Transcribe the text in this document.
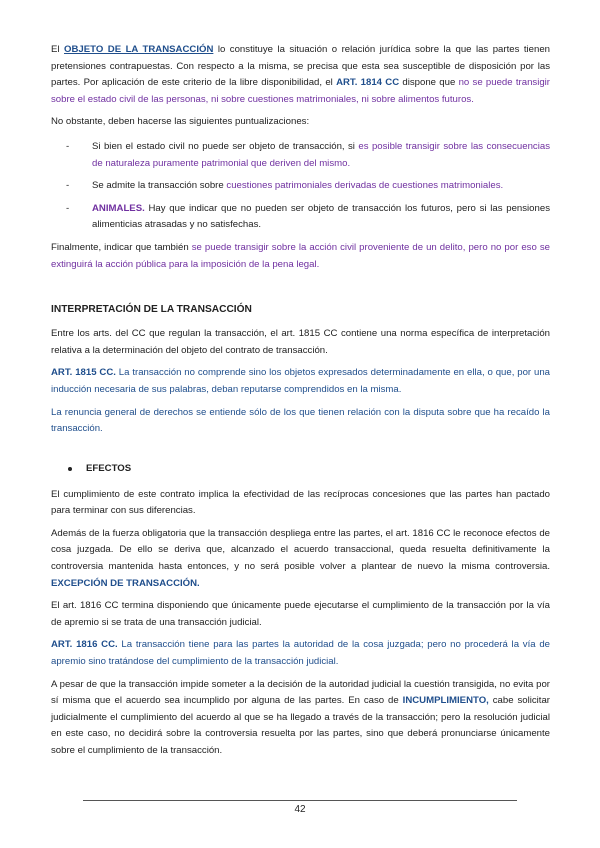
El OBJETO DE LA TRANSACCIÓN lo constituye la situación o relación jurídica sobre la que las partes tienen pretensiones contrapuestas. Con respecto a la misma, se precisa que esta sea susceptible de disposición por las partes. Por aplicación de este criterio de la libre disponibilidad, el ART. 1814 CC dispone que no se puede transigir sobre el estado civil de las personas, ni sobre cuestiones matrimoniales, ni sobre alimentos futuros.

No obstante, deben hacerse las siguientes puntualizaciones:

-	Si bien el estado civil no puede ser objeto de transacción, si es posible transigir sobre las consecuencias de naturaleza puramente patrimonial que deriven del mismo.

-	Se admite la transacción sobre cuestiones patrimoniales derivadas de cuestiones matrimoniales.

-	ANIMALES. Hay que indicar que no pueden ser objeto de transacción los futuros, pero si las pensiones alimenticias atrasadas y no satisfechas.

Finalmente, indicar que también se puede transigir sobre la acción civil proveniente de un delito, pero no por eso se extinguirá la acción pública para la imposición de la pena legal.

INTERPRETACIÓN DE LA TRANSACCIÓN

Entre los arts. del CC que regulan la transacción, el art. 1815 CC contiene una norma específica de interpretación relativa a la determinación del objeto del contrato de transacción.

ART. 1815 CC. La transacción no comprende sino los objetos expresados determinadamente en ella, o que, por una inducción necesaria de sus palabras, deban reputarse comprendidos en la misma.

La renuncia general de derechos se entiende sólo de los que tienen relación con la disputa sobre que ha recaído la transacción.

EFECTOS

El cumplimiento de este contrato implica la efectividad de las recíprocas concesiones que las partes han pactado para terminar con sus diferencias.

Además de la fuerza obligatoria que la transacción despliega entre las partes, el art. 1816 CC le reconoce efectos de cosa juzgada. De ello se deriva que, alcanzado el acuerdo transaccional, queda resuelta definitivamente la controversia mantenida hasta entonces, y no será posible volver a plantear de nuevo la misma controversia. EXCEPCIÓN DE TRANSACCIÓN.

El art. 1816 CC termina disponiendo que únicamente puede ejecutarse el cumplimiento de la transacción por la vía de apremio si se trata de una transacción judicial.

ART. 1816 CC. La transacción tiene para las partes la autoridad de la cosa juzgada; pero no procederá la vía de apremio sino tratándose del cumplimiento de la transacción judicial.

A pesar de que la transacción impide someter a la decisión de la autoridad judicial la cuestión transigida, no evita por sí misma que el acuerdo sea incumplido por alguna de las partes. En caso de INCUMPLIMIENTO, cabe solicitar judicialmente el cumplimiento del acuerdo al que se ha llegado a través de la transacción; pero la resolución judicial en este caso, no decidirá sobre la controversia resuelta por las partes, sino que deberá pronunciarse únicamente sobre el cumplimiento de la transacción.

42
